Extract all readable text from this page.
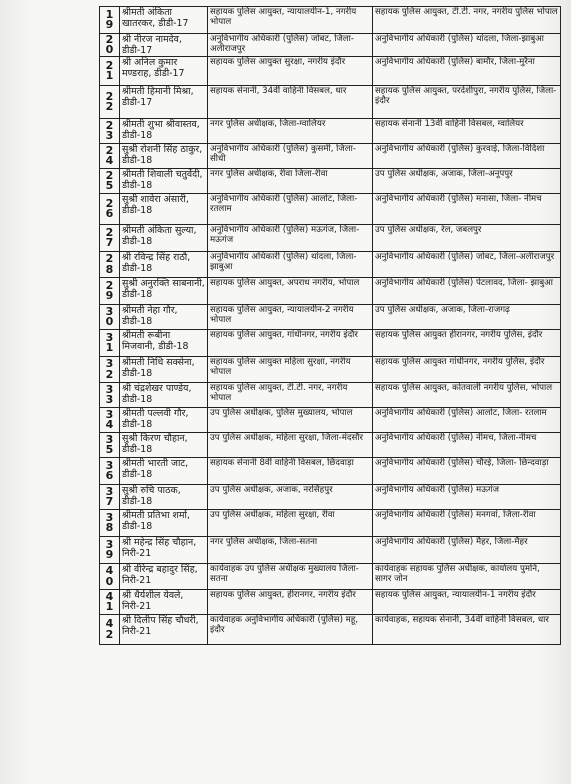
19	श्रीमती अंकिता खातरकर, डीडी-17	सहायक पुलिस आयुक्त, न्यायालयीन-1, नगरीय भोपाल	सहायक पुलिस आयुक्त, टी.टी. नगर, नगरीय पुलिस भोपाल
20	श्री नीरज नामदेव, डीडी-17	अनुविभागीय अधिकारी (पुलिस) जोबट, जिला-अलीराजपुर	अनुविभागीय अधिकारी (पुलिस) थांदला, जिला-झाबुआ
21	श्री अनिल कुमार मण्डराह, डीडी-17	सहायक पुलिस आयुक्त सुरक्षा, नगरीय इंदौर	अनुविभागीय अधिकारी (पुलिस) बामौर, जिला-मुरैना
22	श्रीमती हिमानी मिश्रा, डीडी-17	सहायक सेनानी, 34वीं वाहिनी विसबल, धार	सहायक पुलिस आयुक्त, परदेशीपुरा, नगरीय पुलिस, जिला-इंदौर
23	श्रीमती शुभा श्रीवास्तव, डीडी-18	नगर पुलिस अधीक्षक, जिला-ग्वालियर	सहायक सेनानी 13वीं वाहिनी विसबल, ग्वालियर
24	सुश्री रोशनी सिंह ठाकुर, डीडी-18	अनुविभागीय अधिकारी (पुलिस) कुसमी, जिला-सीधी	अनुविभागीय अधिकारी (पुलिस) कुरवाई, जिला-विदिशा
25	श्रीमती शिवाली चतुर्वेदी, डीडी-18	नगर पुलिस अधीक्षक, रीवा जिला-रीवा	उप पुलिस अधीक्षक, अजाक, जिला-अनूपपुर
26	सुश्री शावेरा अंसारी, डीडी-18	अनुविभागीय अधिकारी (पुलिस) आलोट, जिला- रतलाम	अनुविभागीय अधिकारी (पुलिस) मनासा, जिला- नीमच
27	श्रीमती अंकिता सुल्या, डीडी-18	अनुविभागीय अधिकारी (पुलिस) मऊगंज, जिला-मऊगंज	उप पुलिस अधीक्षक, रेल, जबलपुर
28	श्री रविन्द्र सिंह राठौ, डीडी-18	अनुविभागीय अधिकारी (पुलिस) थांदला, जिला-झाबुआ	अनुविभागीय अधिकारी (पुलिस) जोबट, जिला-अलीराजपुर
29	सुश्री अनुरक्ति साबनानी, डीडी-18	सहायक पुलिस आयुक्त, अपराध नगरीय, भोपाल	अनुविभागीय अधिकारी (पुलिस) पेटलावद, जिला- झाबुआ
30	श्रीमती नेहा गौर, डीडी-18	सहायक पुलिस आयुक्त, न्यायालयीन-2 नगरीय भोपाल	उप पुलिस अधीक्षक, अजाक, जिला-राजगढ़
31	श्रीमती रूबीना मिजवानी, डीडी-18	सहायक पुलिस आयुक्त, गांधीनगर, नगरीय इंदौर	सहायक पुलिस आयुक्त हीरानगर, नगरीय पुलिस, इंदौर
32	श्रीमती निधि सक्सेना, डीडी-18	सहायक पुलिस आयुक्त महिला सुरक्षा, नगरीय भोपाल	सहायक पुलिस आयुक्त गांधीनगर, नगरीय पुलिस, इंदौर
33	श्री चंद्रशेखर पाण्डेय, डीडी-18	सहायक पुलिस आयुक्त, टी.टी. नगर, नगरीय भोपाल	सहायक पुलिस आयुक्त, कोतवाली नगरीय पुलिस, भोपाल
34	श्रीमती पल्लवी गौर, डीडी-18	उप पुलिस अधीक्षक, पुलिस मुख्यालय, भोपाल	अनुविभागीय अधिकारी (पुलिस) आलोट, जिला- रतलाम
35	सुश्री किरण चौहान, डीडी-18	उप पुलिस अधीक्षक, महिला सुरक्षा, जिला-मंदसौर	अनुविभागीय अधिकारी (पुलिस) नीमच, जिला-नीमच
36	श्रीमती भारती जाट, डीडी-18	सहायक सेनानी 8वीं वाहिनी विसबल, छिंदवाड़ा	अनुविभागीय अधिकारी (पुलिस) चौरई, जिला- छिन्दवाड़ा
37	सुश्री रुचि पाठक, डीडी-18	उप पुलिस अधीक्षक, अजाक, नरसिंहपुर	अनुविभागीय अधिकारी (पुलिस) मऊगंज
38	श्रीमती प्रतिभा शर्मा, डीडी-18	उप पुलिस अधीक्षक, महिला सुरक्षा, रीवा	अनुविभागीय अधिकारी (पुलिस) मनगवां, जिला-रीवा
39	श्री महेन्द्र सिंह चौहान, निरी-21	नगर पुलिस अधीक्षक, जिला-सतना	अनुविभागीय अधिकारी (पुलिस) मैहर, जिला-मैहर
40	श्री वीरेन्द्र बहादुर सिंह, निरी-21	कार्यवाहक उप पुलिस अधीक्षक मुख्यालय जिला-सतना	कार्यवाहक सहायक पुलिस अधीक्षक, कार्यालय पुमनि, सागर जोन
41	श्री धैर्यशील येवले, निरी-21	सहायक पुलिस आयुक्त, हीरानगर, नगरीय इंदौर	सहायक पुलिस आयुक्त, न्यायालयीन-1 नगरीय इंदौर
42	श्री दिलीप सिंह चौधरी, निरी-21	कार्यवाहक अनुविभागीय अधिकारी (पुलिस) महू, इंदौर	कार्यवाहक, सहायक सेनानी, 34वीं वाहिनी विसबल, धार
